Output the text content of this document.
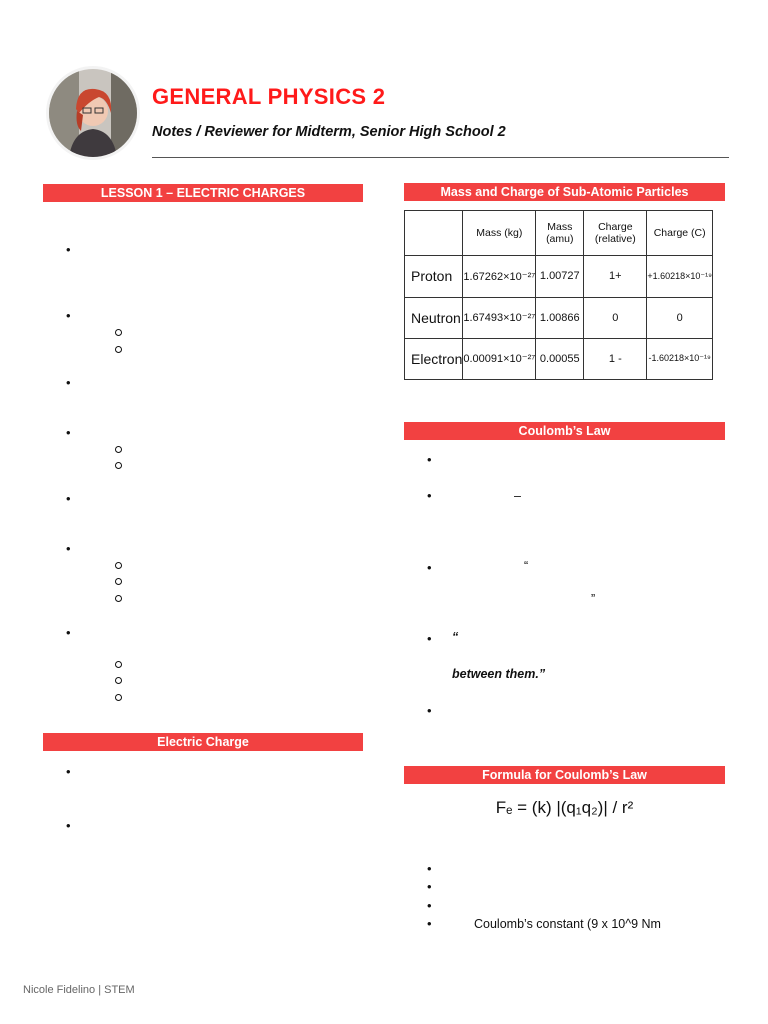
GENERAL PHYSICS 2
Notes / Reviewer for Midterm, Senior High School 2
LESSON 1 – ELECTRIC CHARGES
•
•
•
•
•
•
•
Electric Charge
•
•
Mass and Charge of Sub-Atomic Particles
	Mass (kg)	Mass (amu)	Charge (relative)	Charge (C)
Proton	1.67262×10⁻²⁷	1.00727	1+	+1.60218×10⁻¹⁹
Neutron	1.67493×10⁻²⁷	1.00866	0	0
Electron	0.00091×10⁻²⁷	0.00055	1 -	-1.60218×10⁻¹⁹
Coulomb’s Law
•
•	–
•	“
”
• “
between them.”
•
Formula for Coulomb’s Law
Fₑ = (k) |(q₁q₂)| / r²
•
•
•
•	Coulomb’s constant (9 x 10^9 Nm
Nicole Fidelino | STEM
